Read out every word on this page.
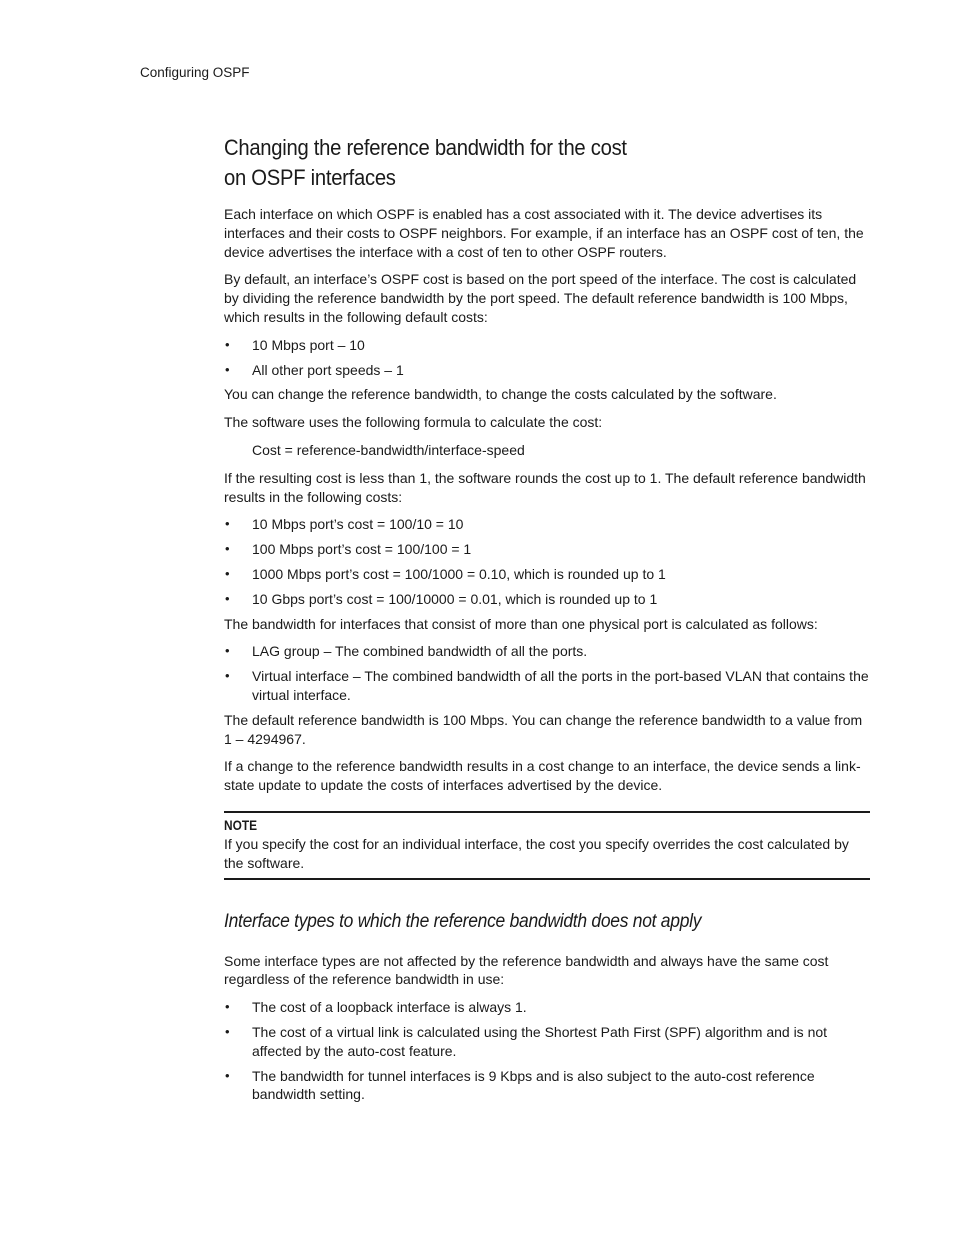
Configuring OSPF
Changing the reference bandwidth for the cost
on OSPF interfaces

Each interface on which OSPF is enabled has a cost associated with it. The device advertises its interfaces and their costs to OSPF neighbors. For example, if an interface has an OSPF cost of ten, the device advertises the interface with a cost of ten to other OSPF routers.

By default, an interface’s OSPF cost is based on the port speed of the interface. The cost is calculated by dividing the reference bandwidth by the port speed. The default reference bandwidth is 100 Mbps, which results in the following default costs:

• 10 Mbps port – 10
• All other port speeds – 1

You can change the reference bandwidth, to change the costs calculated by the software.

The software uses the following formula to calculate the cost:

Cost = reference-bandwidth/interface-speed

If the resulting cost is less than 1, the software rounds the cost up to 1. The default reference bandwidth results in the following costs:

• 10 Mbps port’s cost = 100/10 = 10
• 100 Mbps port’s cost = 100/100 = 1
• 1000 Mbps port’s cost = 100/1000 = 0.10, which is rounded up to 1
• 10 Gbps port’s cost = 100/10000 = 0.01, which is rounded up to 1

The bandwidth for interfaces that consist of more than one physical port is calculated as follows:

• LAG group – The combined bandwidth of all the ports.
• Virtual interface – The combined bandwidth of all the ports in the port-based VLAN that contains the virtual interface.

The default reference bandwidth is 100 Mbps. You can change the reference bandwidth to a value from 1 – 4294967.

If a change to the reference bandwidth results in a cost change to an interface, the device sends a link-state update to update the costs of interfaces advertised by the device.

NOTE

If you specify the cost for an individual interface, the cost you specify overrides the cost calculated by the software.

Interface types to which the reference bandwidth does not apply

Some interface types are not affected by the reference bandwidth and always have the same cost regardless of the reference bandwidth in use:

• The cost of a loopback interface is always 1.
• The cost of a virtual link is calculated using the Shortest Path First (SPF) algorithm and is not affected by the auto-cost feature.
• The bandwidth for tunnel interfaces is 9 Kbps and is also subject to the auto-cost reference bandwidth setting.
